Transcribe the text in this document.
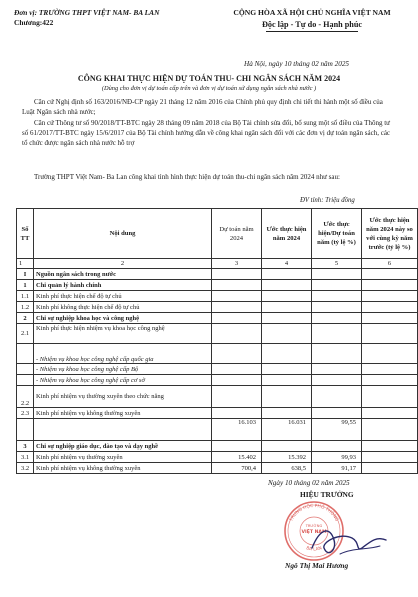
Đơn vị: TRƯỜNG THPT VIỆT NAM- BA LAN
Chương:422
CỘNG HÒA XÃ HỘI CHỦ NGHĨA VIỆT NAM
Độc lập - Tự do - Hạnh phúc
Hà Nội, ngày 10 tháng 02 năm 2025
CÔNG KHAI THỰC HIỆN DỰ TOÁN THU- CHI NGÂN SÁCH NĂM 2024
(Dùng cho đơn vị dự toán cấp trên và đơn vị dự toán sử dụng ngân sách nhà nước )
Căn cứ Nghị định số 163/2016/NĐ-CP ngày 21 tháng 12 năm 2016 của Chính phủ quy định chi tiết thi hành một số điều của Luật Ngân sách nhà nước;
Căn cứ Thông tư số 90/2018/TT-BTC ngày 28 tháng 09 năm 2018 của Bộ Tài chính sửa đổi, bổ sung một số điều của Thông tư số 61/2017/TT-BTC ngày 15/6/2017 của Bộ Tài chính hướng dẫn về công khai ngân sách đối với các đơn vị dự toán ngân sách, các tổ chức được ngân sách nhà nước hỗ trợ
Trường THPT Việt Nam- Ba Lan công khai tình hình thực hiện dự toán thu-chi ngân sách năm 2024 như sau:
ĐV tính: Triệu đồng
Số TT	Nội dung	Dự toán năm 2024	Ước thực hiện năm 2024	Ước thực hiện/Dự toán năm (tỷ lệ %)	Ước thực hiện năm 2024 này so với cùng kỳ năm trước (tỷ lệ %)
1	2	3	4	5	6
I	Nguồn ngân sách trong nước				
1	Chi quản lý hành chính				
1.1	Kinh phí thực hiện chế độ tự chủ				
1.2	Kinh phí không thực hiện chế độ tự chủ				
2	Chi sự nghiệp khoa học và công nghệ				
2.1	Kinh phí thực hiện nhiệm vụ khoa học công nghệ				
	- Nhiệm vụ khoa học công nghệ cấp quốc gia				
	- Nhiệm vụ khoa học công nghệ cấp Bộ				
	- Nhiệm vụ khoa học công nghệ cấp cơ sở				
2.2	Kinh phí nhiệm vụ thường xuyên theo chức năng				
2.3	Kinh phí nhiệm vụ không thường xuyên				
		16.103	16.031	99,55	
3	Chi sự nghiệp giáo dục, đào tạo và dạy nghề				
3.1	Kinh phí nhiệm vụ thường xuyên	15.402	15.392	99,93	
3.2	Kinh phí nhiệm vụ không thường xuyên	700,4	638,5	91,17	
Ngày 10 tháng 02 năm 2025
HIỆU TRƯỞNG
TRUNG HỌC PHỔ THÔNG
TRƯỜNG
VIỆT NAM
BA LAN
Ngô Thị Mai Hương
